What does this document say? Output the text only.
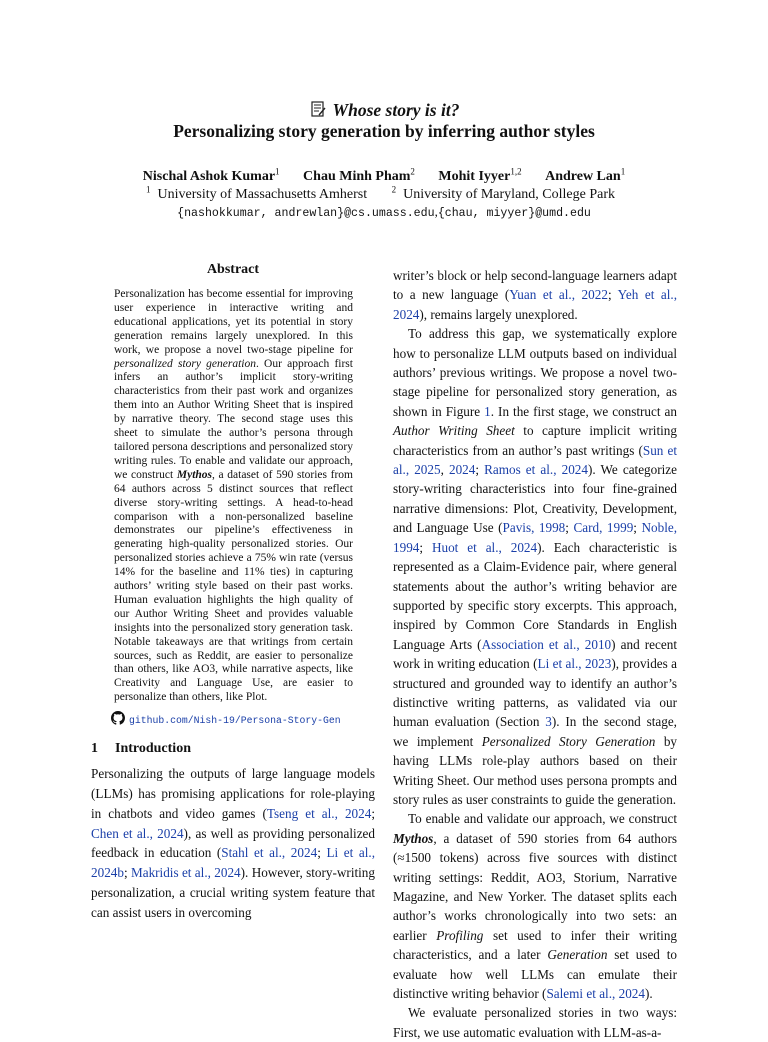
Whose story is it?
Personalizing story generation by inferring author styles
Nischal Ashok Kumar$^1$ Chau Minh Pham$^2$ Mohit Iyyer$^{1,2}$ Andrew Lan$^1$
$^1$ University of Massachusetts Amherst	$^2$ University of Maryland, College Park
{nashokkumar, andrewlan}@cs.umass.edu,{chau, miyyer}@umd.edu
Abstract
Personalization has become essential for improving user experience in interactive writing and educational applications, yet its potential in story generation remains largely unexplored. In this work, we propose a novel two-stage pipeline for personalized story generation. Our approach first infers an author’s implicit story-writing characteristics from their past work and organizes them into an Author Writing Sheet that is inspired by narrative theory. The second stage uses this sheet to simulate the author’s persona through tailored persona descriptions and personalized story writing rules. To enable and validate our approach, we construct Mythos, a dataset of 590 stories from 64 authors across 5 distinct sources that reflect diverse story-writing settings. A head-to-head comparison with a non-personalized baseline demonstrates our pipeline’s effectiveness in generating high-quality personalized stories. Our personalized stories achieve a 75% win rate (versus 14% for the baseline and 11% ties) in capturing authors’ writing style based on their past works. Human evaluation highlights the high quality of our Author Writing Sheet and provides valuable insights into the personalized story generation task. Notable takeaways are that writings from certain sources, such as Reddit, are easier to personalize than others, like AO3, while narrative aspects, like Creativity and Language Use, are easier to personalize than others, like Plot.
github.com/Nish-19/Persona-Story-Gen
1 Introduction

Personalizing the outputs of large language models (LLMs) has promising applications for role-playing in chatbots and video games (Tseng et al., 2024; Chen et al., 2024), as well as providing personalized feedback in education (Stahl et al., 2024; Li et al., 2024b; Makridis et al., 2024). However, story-writing personalization, a crucial writing system feature that can assist users in overcoming

writer’s block or help second-language learners adapt to a new language (Yuan et al., 2022; Yeh et al., 2024), remains largely unexplored.

To address this gap, we systematically explore how to personalize LLM outputs based on individual authors’ previous writings. We propose a novel two-stage pipeline for personalized story generation, as shown in Figure 1. In the first stage, we construct an Author Writing Sheet to capture implicit writing characteristics from an author’s past writings (Sun et al., 2025, 2024; Ramos et al., 2024). We categorize story-writing characteristics into four fine-grained narrative dimensions: Plot, Creativity, Development, and Language Use (Pavis, 1998; Card, 1999; Noble, 1994; Huot et al., 2024). Each characteristic is represented as a Claim-Evidence pair, where general statements about the author’s writing behavior are supported by specific story excerpts. This approach, inspired by Common Core Standards in English Language Arts (Association et al., 2010) and recent work in writing education (Li et al., 2023), provides a structured and grounded way to identify an author’s distinctive writing patterns, as validated via our human evaluation (Section 3). In the second stage, we implement Personalized Story Generation by having LLMs role-play authors based on their Writing Sheet. Our method uses persona prompts and story rules as user constraints to guide the generation.

To enable and validate our approach, we construct Mythos, a dataset of 590 stories from 64 authors (≈1500 tokens) across five sources with distinct writing settings: Reddit, AO3, Storium, Narrative Magazine, and New Yorker. The dataset splits each author’s works chronologically into two sets: an earlier Profiling set used to infer their writing characteristics, and a later Generation set used to evaluate how well LLMs can emulate their distinctive writing behavior (Salemi et al., 2024).

We evaluate personalized stories in two ways: First, we use automatic evaluation with LLM-as-a-
